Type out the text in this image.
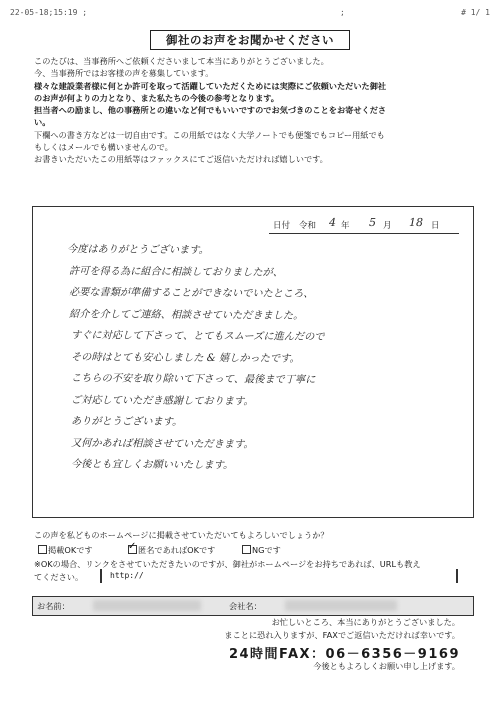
22-05-18;15:19 ;	;	# 1/ 1
御社のお声をお聞かせください
このたびは、当事務所へご依頼くださいまして本当にありがとうございました。
今、当事務所ではお客様の声を募集しています。
様々な建設業者様に何とか許可を取って活躍していただくためには実際にご依頼いただいた御社
のお声が何よりの力となり、また私たちの今後の参考となります。
担当者への励まし、他の事務所との違いなど何でもいいですのでお気づきのことをお寄せくださ
い。
下欄への書き方などは一切自由です。この用紙ではなく大学ノートでも便箋でもコピー用紙でも
もしくはメールでも構いませんので。
お書きいただいたこの用紙等はファックスにてご返信いただければ嬉しいです。
日付 令和 4 年 5 月 18 日
今度はありがとうございます。
許可を得る為に組合に相談しておりましたが、
必要な書類が準備することができないでいたところ、
紹介を介してご連絡、相談させていただきました。
すぐに対応して下さって、とてもスムーズに進んだので
その時はとても安心しました & 嬉しかったです。
こちらの不安を取り除いて下さって、最後まで丁寧に
ご対応していただき感謝しております。
ありがとうございます。
又何かあれば相談させていただきます。
今後とも宜しくお願いいたします。
この声を私どものホームページに掲載させていただいてもよろしいでしょうか？
掲載OKです	✓ 匿名であればOKです	NGです
※OKの場合、リンクをさせていただきたいのですが、御社がホームページをお持ちであれば、URLも教え
てください。	http://
お名前：	会社名：
お忙しいところ、本当にありがとうございました。
まことに恐れ入りますが、FAXでご返信いただければ幸いです。
24時間FAX：06－6356－9169
今後ともよろしくお願い申し上げます。
